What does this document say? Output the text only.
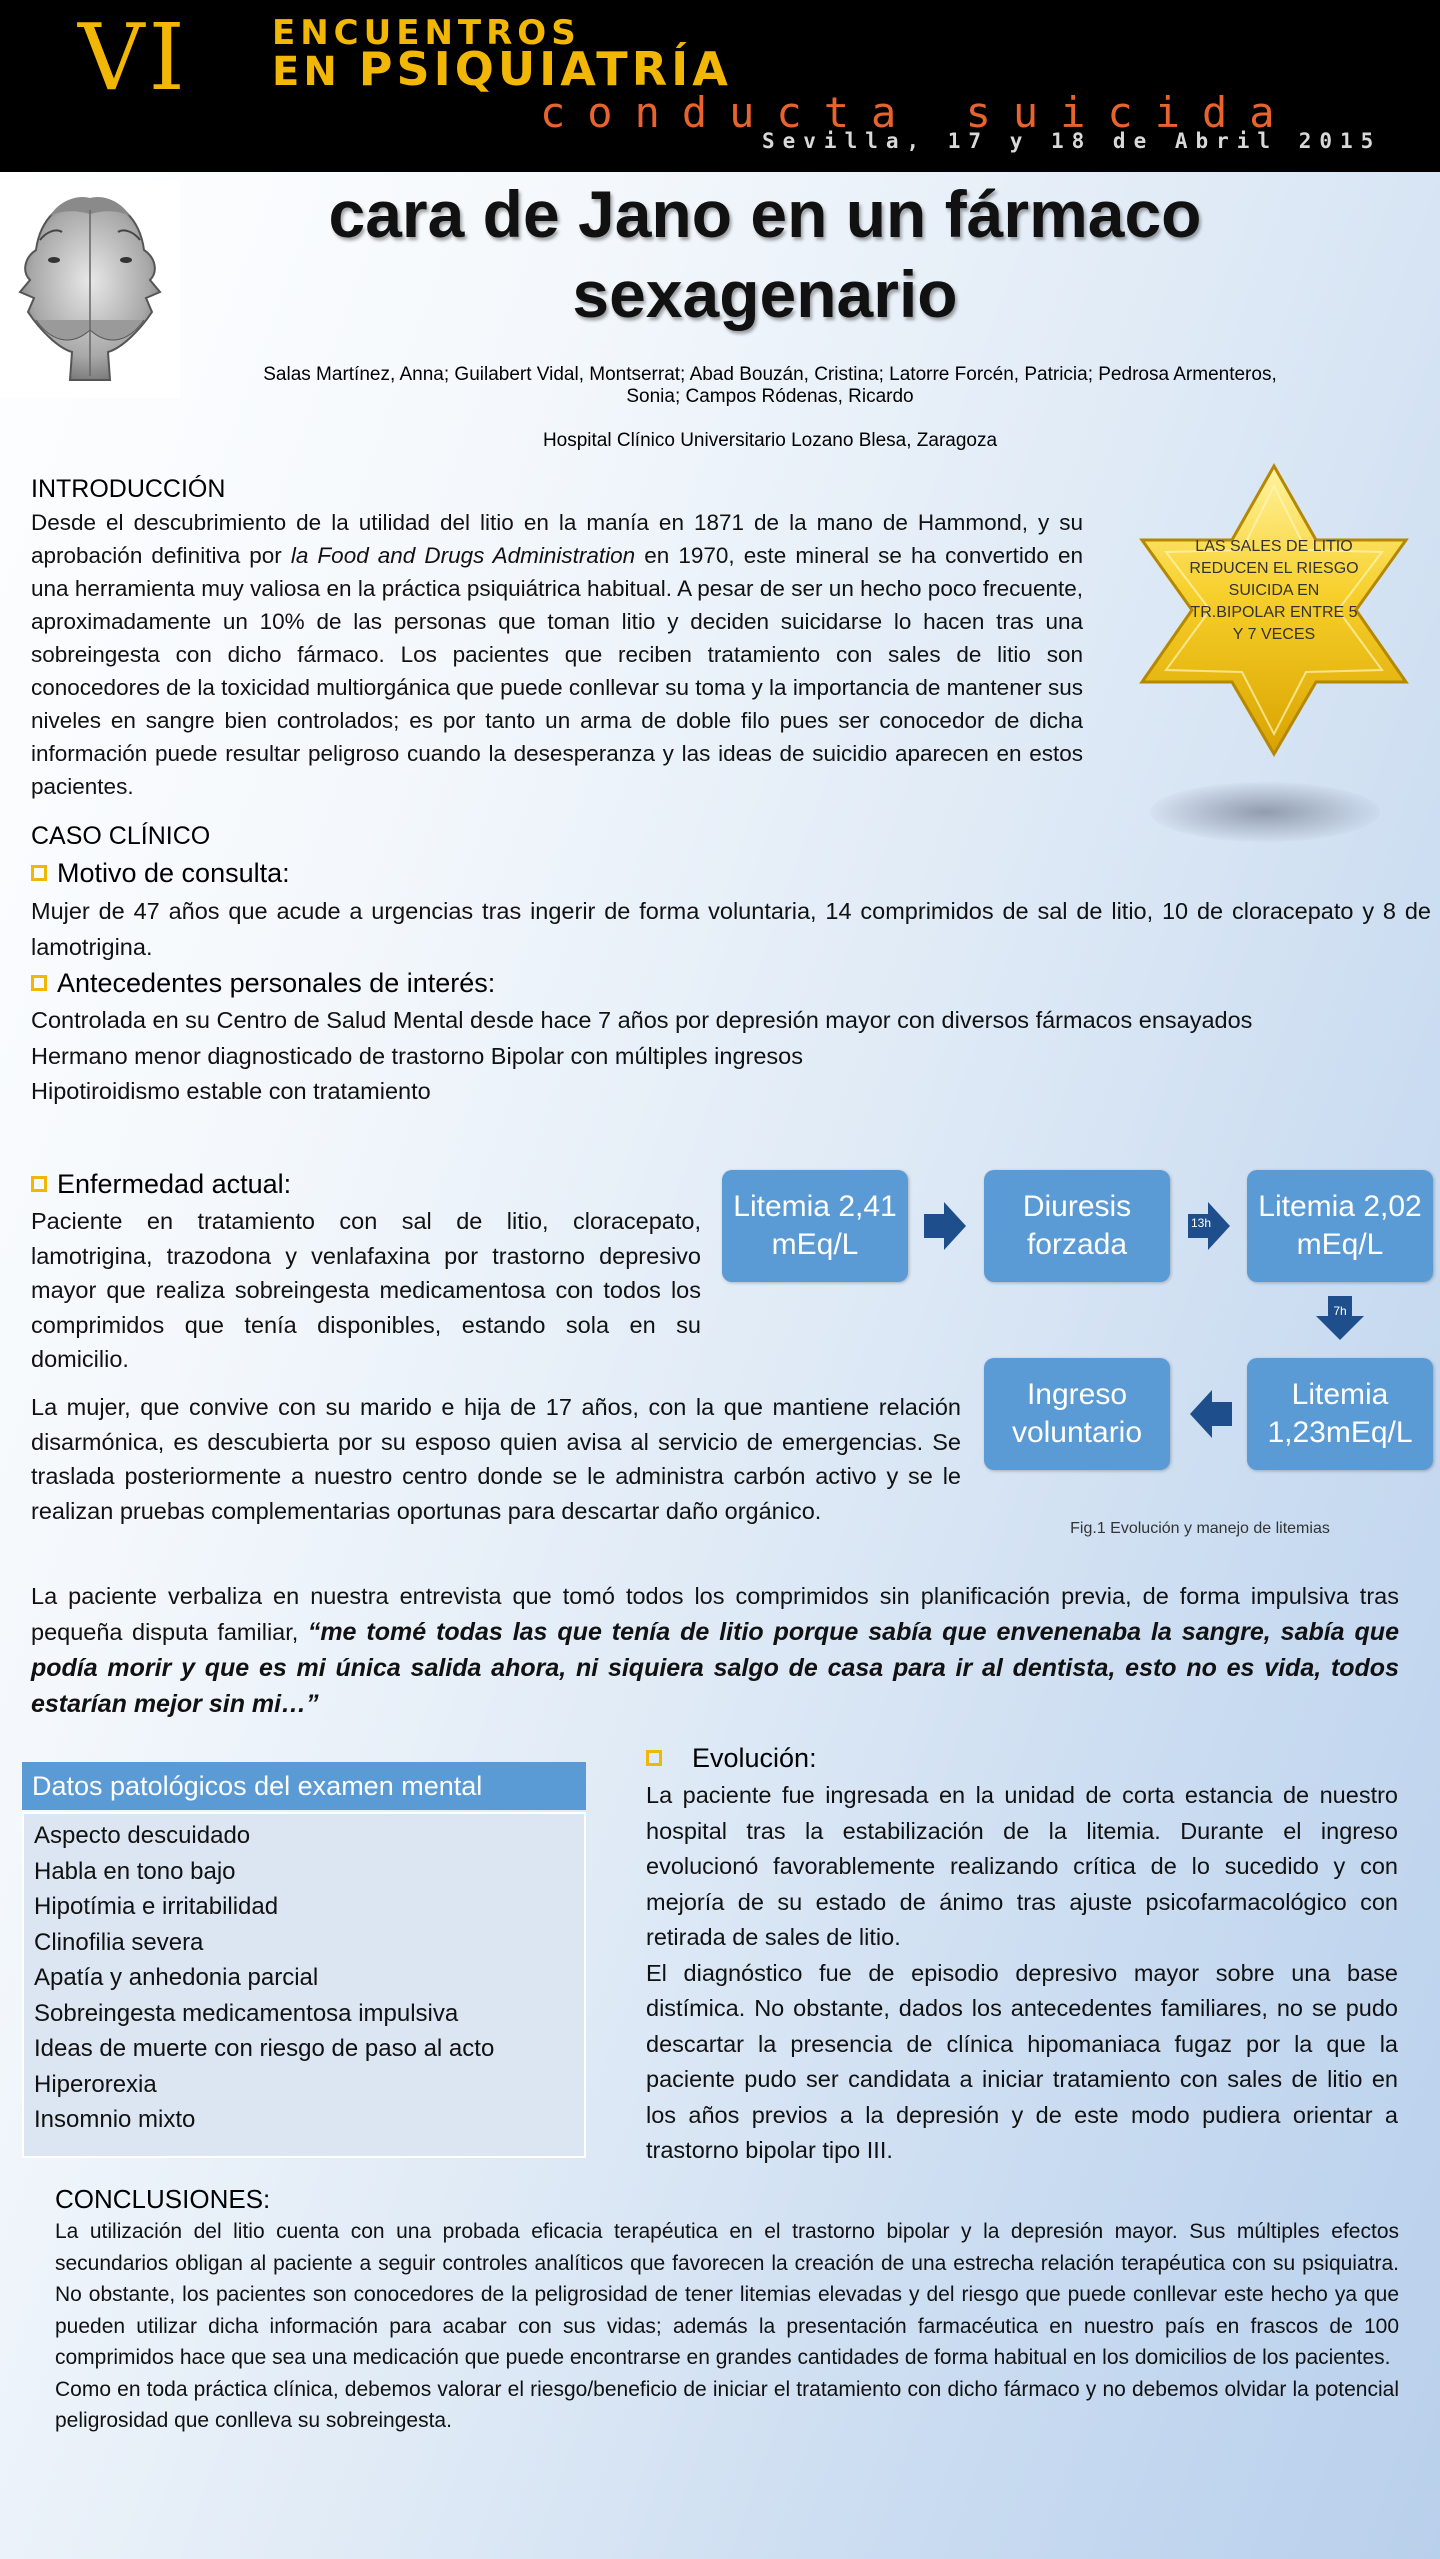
VI ENCUENTROS
EN PSIQUIATRÍA
conducta suicida
Sevilla, 17 y 18 de Abril 2015
cara de Jano en un fármaco
sexagenario
Salas Martínez, Anna; Guilabert Vidal, Montserrat; Abad Bouzán, Cristina; Latorre Forcén, Patricia; Pedrosa Armenteros, Sonia; Campos Ródenas, Ricardo
Hospital Clínico Universitario Lozano Blesa, Zaragoza
INTRODUCCIÓN
Desde el descubrimiento de la utilidad del litio en la manía en 1871 de la mano de Hammond, y su aprobación definitiva por la Food and Drugs Administration en 1970, este mineral se ha convertido en una herramienta muy valiosa en la práctica psiquiátrica habitual. A pesar de ser un hecho poco frecuente, aproximadamente un 10% de las personas que toman litio y deciden suicidarse lo hacen tras una sobreingesta con dicho fármaco. Los pacientes que reciben tratamiento con sales de litio son conocedores de la toxicidad multiorgánica que puede conllevar su toma y la importancia de mantener sus niveles en sangre bien controlados; es por tanto un arma de doble filo pues ser conocedor de dicha información puede resultar peligroso cuando la desesperanza y las ideas de suicidio aparecen en estos pacientes.
LAS SALES DE LITIO REDUCEN EL RIESGO SUICIDA EN TR.BIPOLAR ENTRE 5 Y 7 VECES
CASO CLÍNICO
Motivo de consulta:
Mujer de 47 años que acude a urgencias tras ingerir de forma voluntaria, 14 comprimidos de sal de litio, 10 de cloracepato y 8 de lamotrigina.
Antecedentes personales de interés:
Controlada en su Centro de Salud Mental desde hace 7 años por depresión mayor con diversos fármacos ensayados
Hermano menor diagnosticado de trastorno Bipolar con múltiples ingresos
Hipotiroidismo estable con tratamiento
Enfermedad actual:
Paciente en tratamiento con sal de litio, cloracepato, lamotrigina, trazodona y venlafaxina por trastorno depresivo mayor que realiza sobreingesta medicamentosa con todos los comprimidos que tenía disponibles, estando sola en su domicilio.
La mujer, que convive con su marido e hija de 17 años, con la que mantiene relación disarmónica, es descubierta por su esposo quien avisa al servicio de emergencias. Se traslada posteriormente a nuestro centro donde se le administra carbón activo y se le realizan pruebas complementarias oportunas para descartar daño orgánico.
La paciente verbaliza en nuestra entrevista que tomó todos los comprimidos sin planificación previa, de forma impulsiva tras pequeña disputa familiar, “me tomé todas las que tenía de litio porque sabía que envenenaba la sangre, sabía que podía morir y que es mi única salida ahora, ni siquiera salgo de casa para ir al dentista, esto no es vida, todos estarían mejor sin mi…”
Litemia 2,41 mEq/L
Diuresis forzada
Litemia 2,02 mEq/L
Litemia 1,23mEq/L
Ingreso voluntario
13h
7h
Fig.1 Evolución y manejo de litemias
Datos patológicos del examen mental
Aspecto descuidado
Habla en tono bajo
Hipotímia e irritabilidad
Clinofilia severa
Apatía y anhedonia parcial
Sobreingesta medicamentosa impulsiva
Ideas de muerte con riesgo de paso al acto
Hiperorexia
Insomnio mixto
Evolución:
La paciente fue ingresada en la unidad de corta estancia de nuestro hospital tras la estabilización de la litemia. Durante el ingreso evolucionó favorablemente realizando crítica de lo sucedido y con mejoría de su estado de ánimo tras ajuste psicofarmacológico con retirada de sales de litio.
El diagnóstico fue de episodio depresivo mayor sobre una base distímica. No obstante, dados los antecedentes familiares, no se pudo descartar la presencia de clínica hipomaniaca fugaz por la que la paciente pudo ser candidata a iniciar tratamiento con sales de litio en los años previos a la depresión y de este modo pudiera orientar a trastorno bipolar tipo III.
CONCLUSIONES:
La utilización del litio cuenta con una probada eficacia terapéutica en el trastorno bipolar y la depresión mayor. Sus múltiples efectos secundarios obligan al paciente a seguir controles analíticos que favorecen la creación de una estrecha relación terapéutica con su psiquiatra. No obstante, los pacientes son conocedores de la peligrosidad de tener litemias elevadas y del riesgo que puede conllevar este hecho ya que pueden utilizar dicha información para acabar con sus vidas; además la presentación farmacéutica en nuestro país en frascos de 100 comprimidos hace que sea una medicación que puede encontrarse en grandes cantidades de forma habitual en los domicilios de los pacientes.
Como en toda práctica clínica, debemos valorar el riesgo/beneficio de iniciar el tratamiento con dicho fármaco y no debemos olvidar la potencial peligrosidad que conlleva su sobreingesta.
